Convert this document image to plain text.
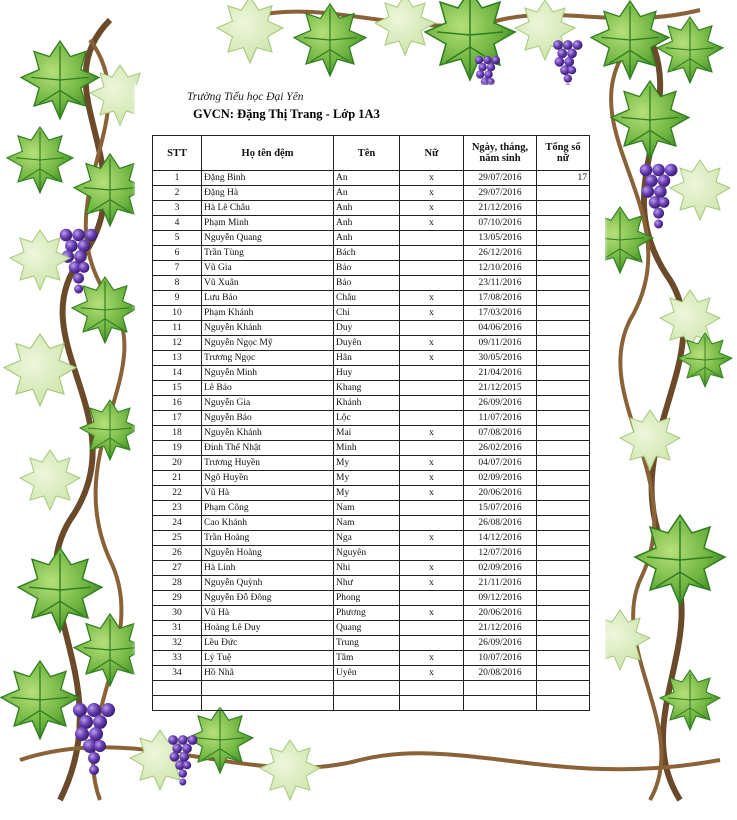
Trường Tiểu học Đại Yên
GVCN: Đặng Thị Trang - Lớp 1A3
STT	Họ tên đệm	Tên	Nữ	Ngày, tháng, năm sinh	Tổng số nữ
1	Đặng Bình	An	x	29/07/2016	17
2	Đặng Hà	An	x	29/07/2016	
3	Hà Lê Châu	Anh	x	21/12/2016	
4	Phạm Minh	Anh	x	07/10/2016	
5	Nguyễn Quang	Anh		13/05/2016	
6	Trần Tùng	Bách		26/12/2016	
7	Vũ Gia	Bảo		12/10/2016	
8	Vũ Xuân	Bảo		23/11/2016	
9	Lưu Bảo	Châu	x	17/08/2016	
10	Phạm Khánh	Chi	x	17/03/2016	
11	Nguyễn Khánh	Duy		04/06/2016	
12	Nguyễn Ngọc Mỹ	Duyên	x	09/11/2016	
13	Trương Ngọc	Hân	x	30/05/2016	
14	Nguyễn Minh	Huy		21/04/2016	
15	Lê Bảo	Khang		21/12/2015	
16	Nguyễn Gia	Khánh		26/09/2016	
17	Nguyễn Bảo	Lộc		11/07/2016	
18	Nguyễn Khánh	Mai	x	07/08/2016	
19	Đinh Thế Nhật	Minh		26/02/2016	
20	Trương Huyền	My	x	04/07/2016	
21	Ngô Huyền	My	x	02/09/2016	
22	Vũ Hà	My	x	20/06/2016	
23	Phạm Công	Nam		15/07/2016	
24	Cao Khánh	Nam		26/08/2016	
25	Trần Hoàng	Nga	x	14/12/2016	
26	Nguyễn Hoàng	Nguyên		12/07/2016	
27	Hà Linh	Nhi	x	02/09/2016	
28	Nguyễn Quỳnh	Như	x	21/11/2016	
29	Nguyễn Đỗ Đông	Phong		09/12/2016	
30	Vũ Hà	Phương	x	20/06/2016	
31	Hoàng Lê Duy	Quang		21/12/2016	
32	Lều Đức	Trung		26/09/2016	
33	Lý Tuệ	Tâm	x	10/07/2016	
34	Hồ Nhã	Uyên	x	20/08/2016	
